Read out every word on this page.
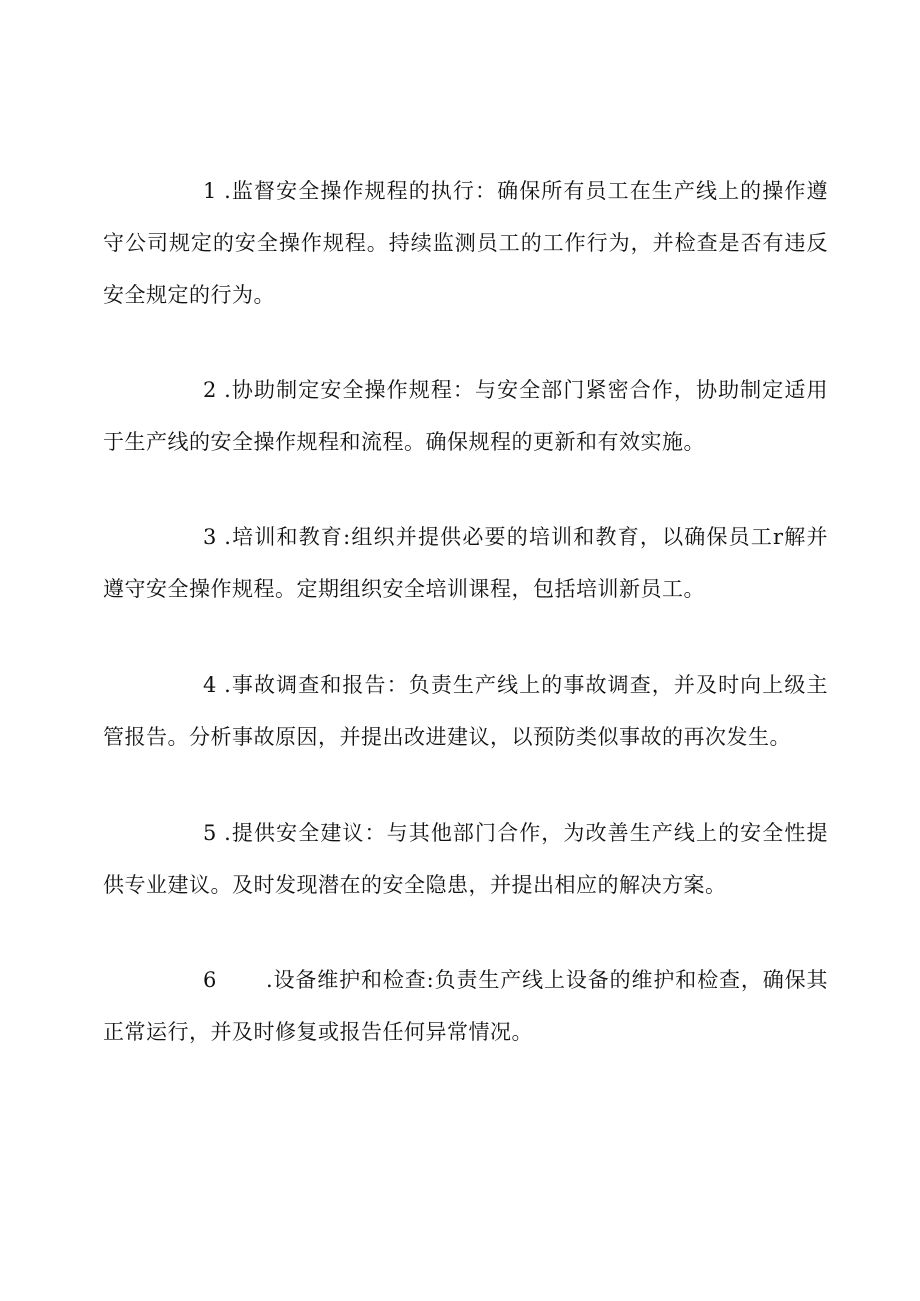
1 .监督安全操作规程的执行：确保所有员工在生产线上的操作遵守公司规定的安全操作规程。持续监测员工的工作行为，并检查是否有违反安全规定的行为。

2 .协助制定安全操作规程：与安全部门紧密合作，协助制定适用于生产线的安全操作规程和流程。确保规程的更新和有效实施。

3 .培训和教育:组织并提供必要的培训和教育，以确保员工r解并遵守安全操作规程。定期组织安全培训课程，包括培训新员工。

4 .事故调查和报告：负责生产线上的事故调查，并及时向上级主管报告。分析事故原因，并提出改进建议，以预防类似事故的再次发生。

5 .提供安全建议：与其他部门合作，为改善生产线上的安全性提供专业建议。及时发现潜在的安全隐患，并提出相应的解决方案。

6 .设备维护和检查:负责生产线上设备的维护和检查，确保其正常运行，并及时修复或报告任何异常情况。
